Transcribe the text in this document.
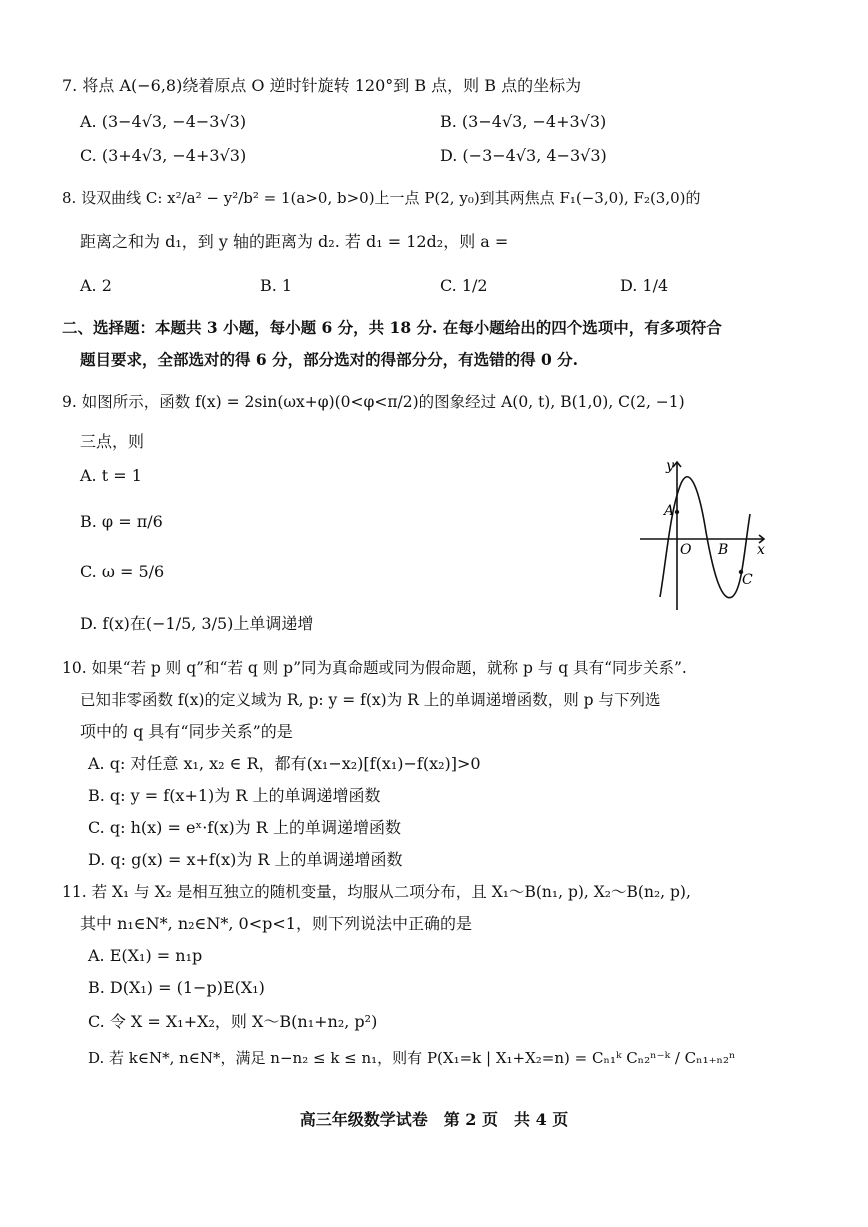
7. 将点 A(−6,8)绕着原点 O 逆时针旋转 120°到 B 点，则 B 点的坐标为
A. (3−4√3, −4−3√3)	B. (3−4√3, −4+3√3)
C. (3+4√3, −4+3√3)	D. (−3−4√3, 4−3√3)
8. 设双曲线 C: x²/a² − y²/b² = 1(a>0, b>0)上一点 P(2, y₀)到其两焦点 F₁(−3,0), F₂(3,0)的
距离之和为 d₁，到 y 轴的距离为 d₂. 若 d₁ = 12d₂，则 a =
A. 2	B. 1	C. 1/2	D. 1/4
二、选择题：本题共 3 小题，每小题 6 分，共 18 分. 在每小题给出的四个选项中，有多项符合
题目要求，全部选对的得 6 分，部分选对的得部分分，有选错的得 0 分.
9. 如图所示，函数 f(x) = 2sin(ωx+φ)(0<φ<π/2)的图象经过 A(0, t), B(1,0), C(2, −1)
三点，则
A. t = 1
B. φ = π/6
C. ω = 5/6
D. f(x)在(−1/5, 3/5)上单调递增
y
x
O
A
B
C
10. 如果“若 p 则 q”和“若 q 则 p”同为真命题或同为假命题，就称 p 与 q 具有“同步关系”.
已知非零函数 f(x)的定义域为 R, p: y = f(x)为 R 上的单调递增函数，则 p 与下列选
项中的 q 具有“同步关系”的是
A. q: 对任意 x₁, x₂ ∈ R，都有(x₁−x₂)[f(x₁)−f(x₂)]>0
B. q: y = f(x+1)为 R 上的单调递增函数
C. q: h(x) = eˣ·f(x)为 R 上的单调递增函数
D. q: g(x) = x+f(x)为 R 上的单调递增函数
11. 若 X₁ 与 X₂ 是相互独立的随机变量，均服从二项分布，且 X₁～B(n₁, p), X₂～B(n₂, p),
其中 n₁∈N*, n₂∈N*, 0<p<1，则下列说法中正确的是
A. E(X₁) = n₁p
B. D(X₁) = (1−p)E(X₁)
C. 令 X = X₁+X₂，则 X～B(n₁+n₂, p²)
D. 若 k∈N*, n∈N*，满足 n−n₂ ≤ k ≤ n₁，则有 P(X₁=k | X₁+X₂=n) = Cₙ₁ᵏ Cₙ₂ⁿ⁻ᵏ / Cₙ₁₊ₙ₂ⁿ
高三年级数学试卷　第 2 页　共 4 页
